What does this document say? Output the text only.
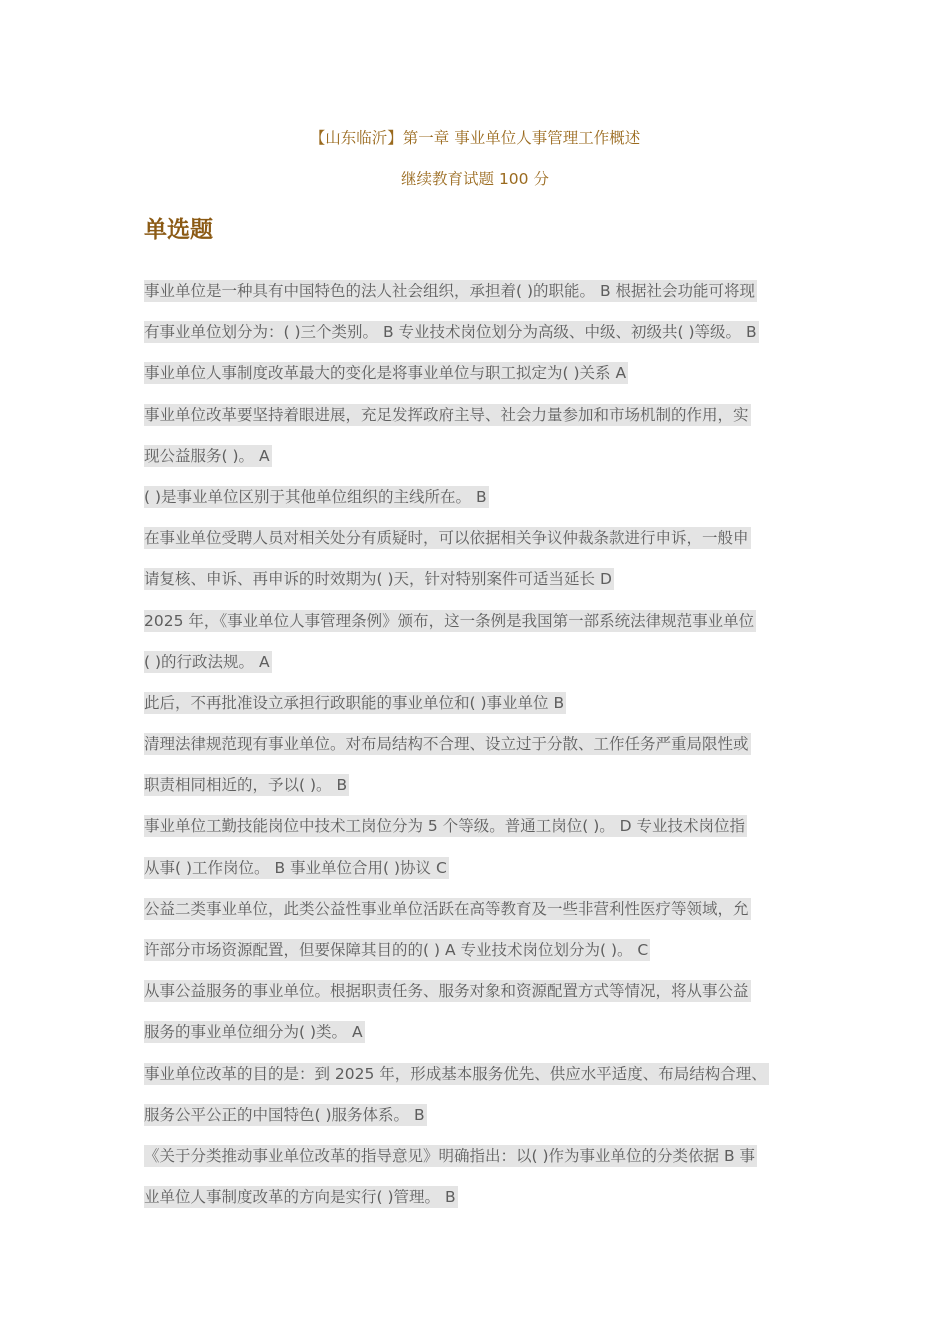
【山东临沂】第一章 事业单位人事管理工作概述
继续教育试题 100 分
单选题
事业单位是一种具有中国特色的法人社会组织，承担着( )的职能。 B 根据社会功能可将现
有事业单位划分为：( )三个类别。 B 专业技术岗位划分为高级、中级、初级共( )等级。 B
事业单位人事制度改革最大的变化是将事业单位与职工拟定为( )关系 A
事业单位改革要坚持着眼进展，充足发挥政府主导、社会力量参加和市场机制的作用，实
现公益服务( )。 A
( )是事业单位区别于其他单位组织的主线所在。 B
在事业单位受聘人员对相关处分有质疑时，可以依据相关争议仲裁条款进行申诉，一般申
请复核、申诉、再申诉的时效期为( )天，针对特别案件可适当延长 D
2025 年，《事业单位人事管理条例》颁布，这一条例是我国第一部系统法律规范事业单位
( )的行政法规。 A
此后，不再批准设立承担行政职能的事业单位和( )事业单位 B
清理法律规范现有事业单位。对布局结构不合理、设立过于分散、工作任务严重局限性或
职责相同相近的，予以( )。 B
事业单位工勤技能岗位中技术工岗位分为 5 个等级。普通工岗位( )。 D 专业技术岗位指
从事( )工作岗位。 B 事业单位合用( )协议 C
公益二类事业单位，此类公益性事业单位活跃在高等教育及一些非营利性医疗等领域，允
许部分市场资源配置，但要保障其目的的( ) A 专业技术岗位划分为( )。 C
从事公益服务的事业单位。根据职责任务、服务对象和资源配置方式等情况，将从事公益
服务的事业单位细分为( )类。 A
事业单位改革的目的是：到 2025 年，形成基本服务优先、供应水平适度、布局结构合理、
服务公平公正的中国特色( )服务体系。 B
《关于分类推动事业单位改革的指导意见》明确指出：以( )作为事业单位的分类依据 B 事
业单位人事制度改革的方向是实行( )管理。 B
